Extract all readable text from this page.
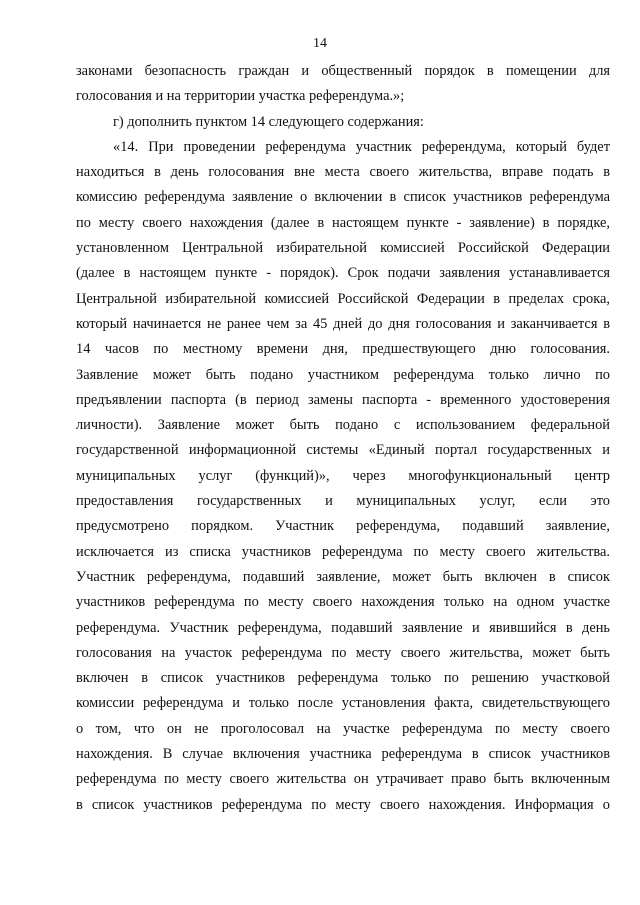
14
законами безопасность граждан и общественный порядок в помещении для
голосования и на территории участка референдума.»;
г) дополнить пунктом 14 следующего содержания:
«14. При проведении референдума участник референдума, который будет
находиться в день голосования вне места своего жительства, вправе подать в
комиссию референдума заявление о включении в список участников референдума
по месту своего нахождения (далее в настоящем пункте - заявление) в порядке,
установленном Центральной избирательной комиссией Российской Федерации
(далее в настоящем пункте - порядок). Срок подачи заявления устанавливается
Центральной избирательной комиссией Российской Федерации в пределах срока,
который начинается не ранее чем за 45 дней до дня голосования и заканчивается в
14 часов по местному времени дня, предшествующего дню голосования.
Заявление может быть подано участником референдума только лично по
предъявлении паспорта (в период замены паспорта - временного удостоверения
личности). Заявление может быть подано с использованием федеральной
государственной информационной системы «Единый портал государственных и
муниципальных услуг (функций)», через многофункциональный центр
предоставления государственных и муниципальных услуг, если это
предусмотрено порядком. Участник референдума, подавший заявление,
исключается из списка участников референдума по месту своего жительства.
Участник референдума, подавший заявление, может быть включен в список
участников референдума по месту своего нахождения только на одном участке
референдума. Участник референдума, подавший заявление и явившийся в день
голосования на участок референдума по месту своего жительства, может быть
включен в список участников референдума только по решению участковой
комиссии референдума и только после установления факта, свидетельствующего
о том, что он не проголосовал на участке референдума по месту своего
нахождения. В случае включения участника референдума в список участников
референдума по месту своего жительства он утрачивает право быть включенным
в список участников референдума по месту своего нахождения. Информация о
